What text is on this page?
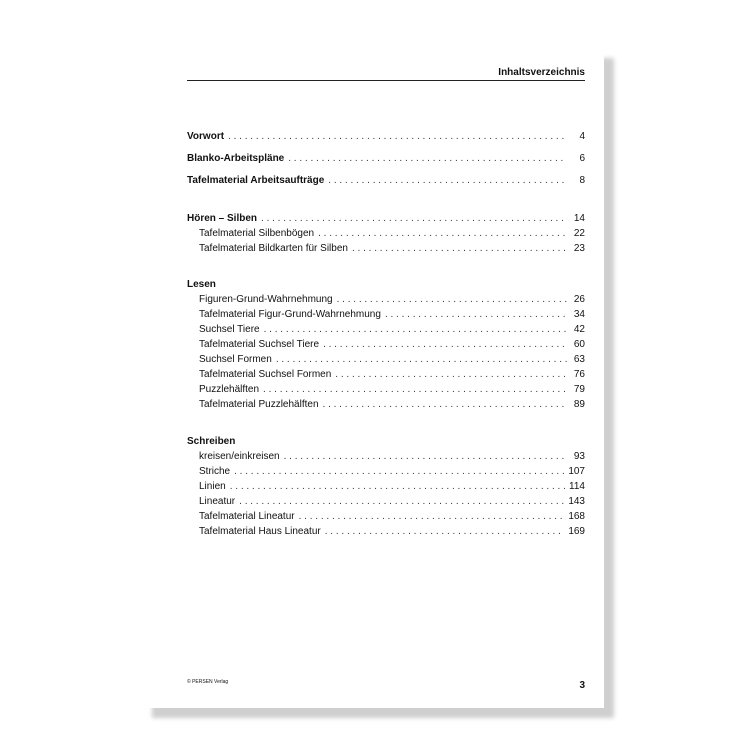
Inhaltsverzeichnis
Vorwort . . .	4
Blanko-Arbeitspläne . . .	6
Tafelmaterial Arbeitsaufträge . . .	8
Hören – Silben . . .	14
Tafelmaterial Silbenbögen . . .	22
Tafelmaterial Bildkarten für Silben . . .	23
Lesen
Figuren-Grund-Wahrnehmung . . .	26
Tafelmaterial Figur-Grund-Wahrnehmung . . .	34
Suchsel Tiere . . .	42
Tafelmaterial Suchsel Tiere . . .	60
Suchsel Formen . . .	63
Tafelmaterial Suchsel Formen . . .	76
Puzzlehälften . . .	79
Tafelmaterial Puzzlehälften . . .	89
Schreiben
kreisen/einkreisen . . .	93
Striche . . .	107
Linien . . .	114
Lineatur . . .	143
Tafelmaterial Lineatur . . .	168
Tafelmaterial Haus Lineatur . . .	169
© PERSEN Verlag	3
